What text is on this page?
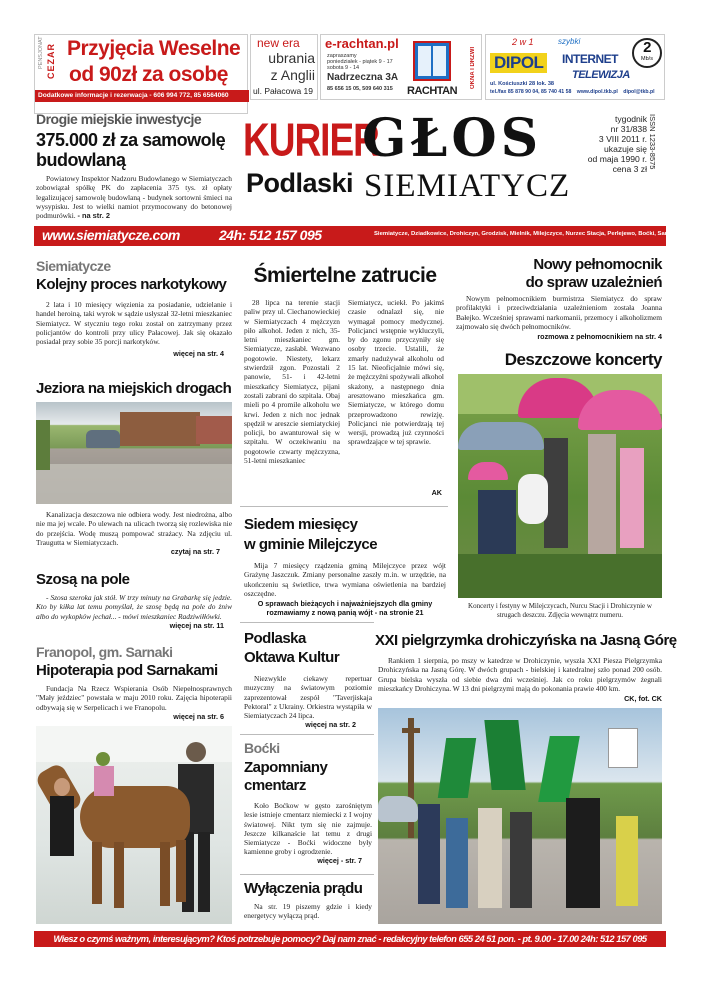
PENSJONAT CEZAR Przyjęcia Weselne
od 90zł za osobę
Dodatkowe informacje i rezerwacja - 606 994 772, 85 6564060
new era
ubrania
z Anglii
ul. Pałacowa 19
e-rachtan.pl
zapraszamy
poniedziałek - piątek 9 - 17
sobota 9 - 14
Nadrzeczna 3A
85 656 15 05, 509 640 315 RACHTAN
OKNA I DRZWI
2 w 1	szybki
DIPOL	INTERNET
TELEWIZJA
2
Mb/s
ul. Kościuszki 28 lok. 38
tel./fax 85 878 90 04, 85 740 41 58 www.dipol.tkb.pl dipol@tkb.pl
Drogie miejskie inwestycje
375.000 zł za samowolę budowlaną
Powiatowy Inspektor Nadzoru Budowlanego w Siemiatyczach zobowiązał spółkę PK do zapłacenia 375 tys. zł opłaty legalizującej samowolę budowlaną - budynek sortowni śmieci na wysypisku. Jest to wielki namiot przymocowany do betonowej podmurówki. - na str. 2
KURIER
Podlaski
GŁOS
SIEMIATYCZ
tygodnik
nr 31/838
3 VIII 2011 r.
ukazuje się
od maja 1990 r.
cena 3 zł ISSN 1233-8575
www.siemiatycze.com	24h: 512 157 095	Siemiatycze, Dziadkowice, Drohiczyn, Grodzisk, Mielnik, Milejczyce, Nurzec Stacja, Perlejewo, Boćki, Sarnaki, Ciechanowiec
Siemiatycze
Kolejny proces narkotykowy
2 lata i 10 miesięcy więzienia za posiadanie, udzielanie i handel heroiną, taki wyrok w sądzie usłyszał 32-letni mieszkaniec Siemiatycz. W styczniu tego roku został on zatrzymany przez policjantów do kontroli przy ulicy Pałacowej. Jak się okazało posiadał przy sobie 35 porcji narkotyków.
więcej na str. 4
Jeziora na miejskich drogach
Kanalizacja deszczowa nie odbiera wody. Jest niedrożna, albo nie ma jej wcale. Po ulewach na ulicach tworzą się rozlewiska nie do przejścia. Wodę muszą pompować strażacy. Na zdjęciu ul. Traugutta w Siemiatyczach.
czytaj na str. 7
Szosą na pole
- Szosa szeroka jak stół. W trzy minuty na Grabarkę się jedzie. Kto by kiłka lat temu pomyślał, że szosę będą na pole do żniw albo do wykopków jechał... - mówi mieszkaniec Radziwiłłówki.
więcej na str. 11
Franopol, gm. Sarnaki
Hipoterapia pod Sarnakami
Fundacja Na Rzecz Wspierania Osób Niepełnosprawnych "Mały jeździec" powstała w maju 2010 roku. Zajęcia hipoterapii odbywają się w Serpelicach i we Franopolu.
więcej na str. 6
Śmiertelne zatrucie
28 lipca na terenie stacji paliw przy ul. Ciechanowieckiej w Siemiatyczach 4 mężczyzn piło alkohol. Jeden z nich, 35-letni mieszkaniec gm. Siemiatycze, zasłabł. Wezwano pogotowie. Niestety, lekarz stwierdził zgon. Pozostali 2 panowie, 51- i 42-letni mieszkańcy Siemiatycz, pijani zostali zabrani do szpitala. Obaj mieli po 4 promile alkoholu we krwi. Jeden z nich noc jednak spędził w areszcie siemiatyckiej policji, bo awanturował się w szpitalu. W oczekiwaniu na pogotowie czwarty mężczyzna, 51-letni mieszkaniec
Siemiatycz, uciekł. Po jakimś czasie odnalazł się, nie wymagał pomocy medycznej. Policjanci wstępnie wykluczyli, by do zgonu przyczyniły się osoby trzecie. Ustalili, że zmarły nadużywał alkoholu od 15 lat. Nieoficjalnie mówi się, że mężczyźni spożywali alkohol skażony, a następnego dnia aresztowano mieszkańca gm. Siemiatycze, w którego domu przeprowadzono rewizję. Policjanci nie potwierdzają tej wersji, prowadzą już czynności sprawdzające w tej sprawie.
AK
Siedem miesięcy
w gminie Milejczyce
Mija 7 miesięcy rządzenia gminą Milejczyce przez wójt Grażynę Jaszczuk. Zmiany personalne zaszły m.in. w urzędzie, na ukończeniu są świetlice, trwa wymiana oświetlenia na bardziej oszczędne.
O sprawach bieżących i najważniejszych dla gminy rozmawiamy z nową panią wójt - na stronie 21
Podlaska
Oktawa Kultur
Niezwykle ciekawy repertuar muzyczny na światowym poziomie zaprezentował zespół "Taverjiskaja Pektoral" z Ukrainy. Orkiestra wystąpiła w Siemiatyczach 24 lipca.
więcej na str. 2
Boćki
Zapomniany
cmentarz
Koło Boćkow w gęsto zarośniętym lesie istnieje cmentarz niemiecki z I wojny światowej. Nikt tym się nie zajmuje. Jeszcze kilkanaście lat temu z drugi Siemiatycze - Boćki widoczne były kamienne groby i ogrodzenie.
więcej - str. 7
Wyłączenia prądu
Na str. 19 piszemy gdzie i kiedy energetycy wyłączą prąd.
Nowy pełnomocnik
do spraw uzależnień
Nowym pełnomocnikiem burmistrza Siemiatycz do spraw profilaktyki i przeciwdziałania uzależnieniom została Joanna Bałejko. Wcześniej sprawami narkomanii, przemocy i alkoholizmem zajmowało się dwóch pełnomocników.
rozmowa z pełnomocnikiem na str. 4
Deszczowe koncerty
Koncerty i festyny w Milejczycach, Nurcu Stacji i Drohiczynie w strugach deszczu. Zdjęcia wewnątrz numeru.
XXI pielgrzymka drohiczyńska na Jasną Górę
Rankiem 1 sierpnia, po mszy w katedrze w Drohiczynie, wyszła XXI Piesza Pielgrzymka Drohiczyńska na Jasną Górę. W dwóch grupach - bielskiej i katedralnej szło ponad 200 osób. Grupa bielska wyszła od siebie dwa dni wcześniej. Jak co roku pielgrzymów żegnali mieszkańcy Drohiczyna. W 13 dni pielgrzymi mają do pokonania prawie 400 km.
CK, fot. CK
Wiesz o czymś ważnym, interesującym? Ktoś potrzebuje pomocy? Daj nam znać - redakcyjny telefon 655 24 51 pon. - pt. 9.00 - 17.00 24h: 512 157 095
